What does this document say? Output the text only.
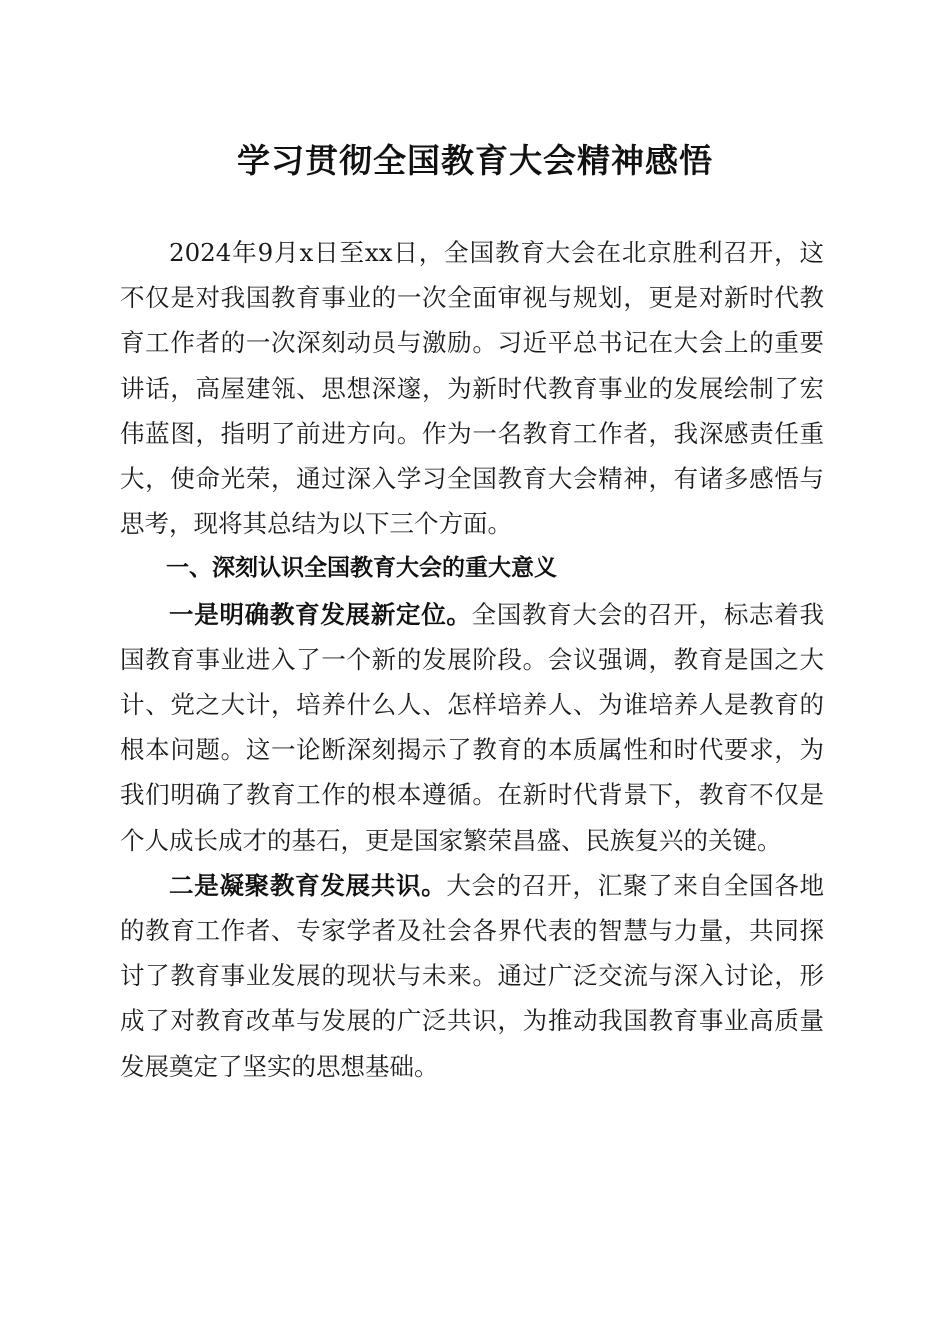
学习贯彻全国教育大会精神感悟

2024年9月x日至xx日，全国教育大会在北京胜利召开，这不仅是对我国教育事业的一次全面审视与规划，更是对新时代教育工作者的一次深刻动员与激励。习近平总书记在大会上的重要讲话，高屋建瓴、思想深邃，为新时代教育事业的发展绘制了宏伟蓝图，指明了前进方向。作为一名教育工作者，我深感责任重大，使命光荣，通过深入学习全国教育大会精神，有诸多感悟与思考，现将其总结为以下三个方面。

一、深刻认识全国教育大会的重大意义

一是明确教育发展新定位。全国教育大会的召开，标志着我国教育事业进入了一个新的发展阶段。会议强调，教育是国之大计、党之大计，培养什么人、怎样培养人、为谁培养人是教育的根本问题。这一论断深刻揭示了教育的本质属性和时代要求，为我们明确了教育工作的根本遵循。在新时代背景下，教育不仅是个人成长成才的基石，更是国家繁荣昌盛、民族复兴的关键。

二是凝聚教育发展共识。大会的召开，汇聚了来自全国各地的教育工作者、专家学者及社会各界代表的智慧与力量，共同探讨了教育事业发展的现状与未来。通过广泛交流与深入讨论，形成了对教育改革与发展的广泛共识，为推动我国教育事业高质量发展奠定了坚实的思想基础。
